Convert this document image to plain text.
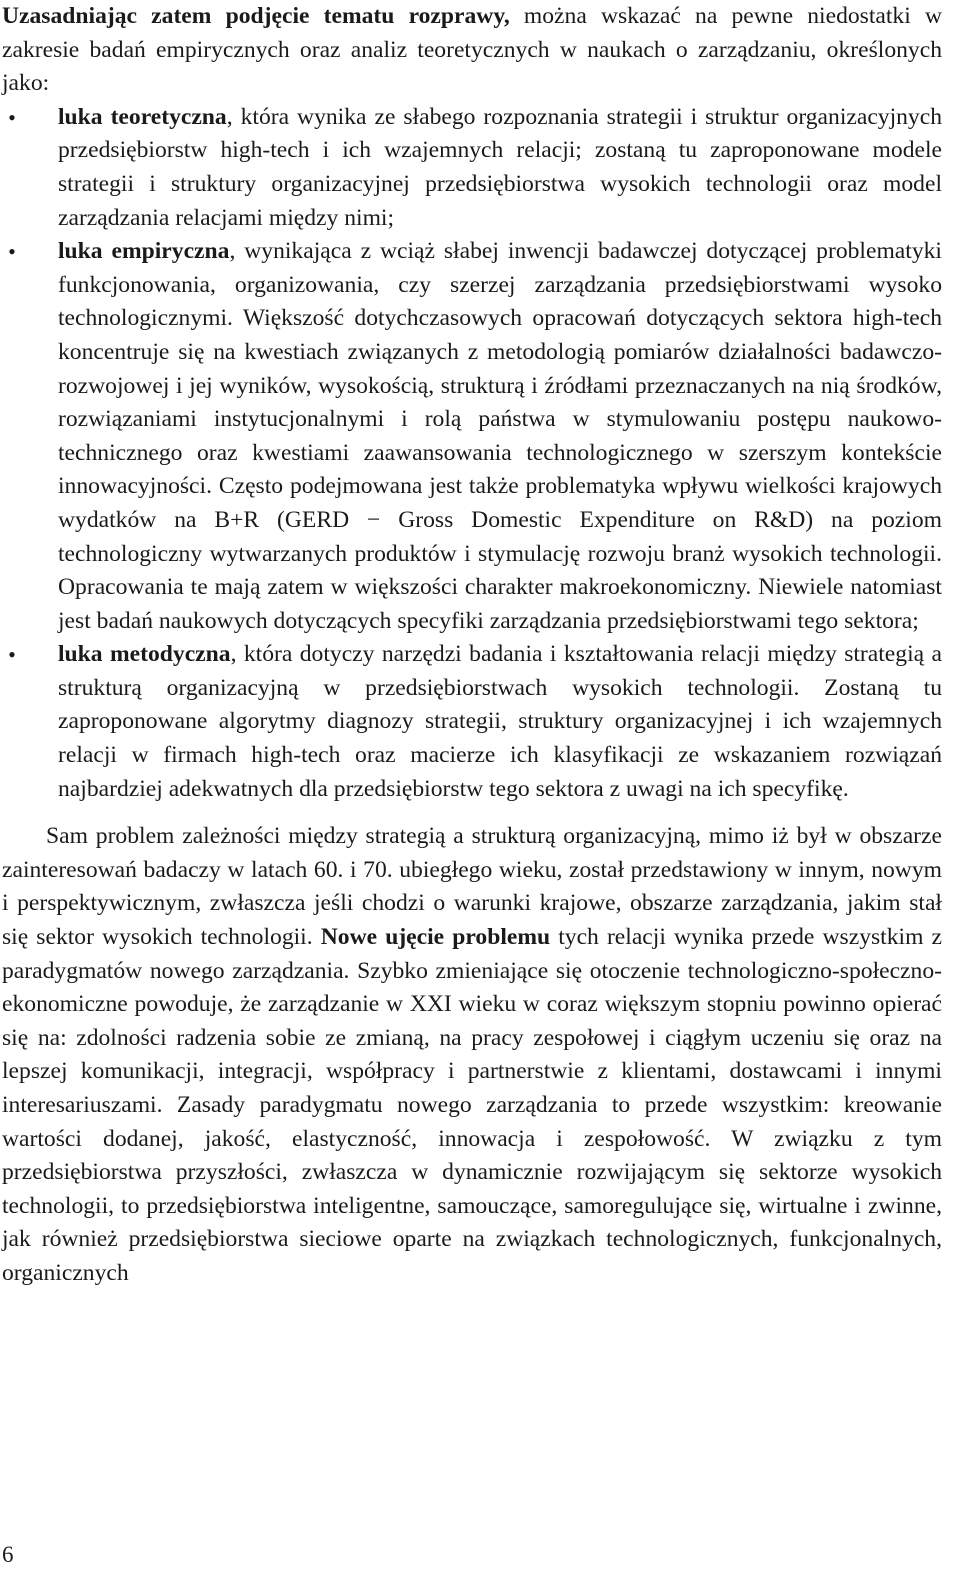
Uzasadniając zatem podjęcie tematu rozprawy, można wskazać na pewne niedostatki w zakresie badań empirycznych oraz analiz teoretycznych w naukach o zarządzaniu, określonych jako:

• luka teoretyczna, która wynika ze słabego rozpoznania strategii i struktur organizacyjnych przedsiębiorstw high-tech i ich wzajemnych relacji; zostaną tu zaproponowane modele strategii i struktury organizacyjnej przedsiębiorstwa wysokich technologii oraz model zarządzania relacjami między nimi;
• luka empiryczna, wynikająca z wciąż słabej inwencji badawczej dotyczącej problematyki funkcjonowania, organizowania, czy szerzej zarządzania przedsiębiorstwami wysoko technologicznymi. Większość dotychczasowych opracowań dotyczących sektora high-tech koncentruje się na kwestiach związanych z metodologią pomiarów działalności badawczo-rozwojowej i jej wyników, wysokością, strukturą i źródłami przeznaczanych na nią środków, rozwiązaniami instytucjonalnymi i rolą państwa w stymulowaniu postępu naukowo-technicznego oraz kwestiami zaawansowania technologicznego w szerszym kontekście innowacyjności. Często podejmowana jest także problematyka wpływu wielkości krajowych wydatków na B+R (GERD − Gross Domestic Expenditure on R&D) na poziom technologiczny wytwarzanych produktów i stymulację rozwoju branż wysokich technologii. Opracowania te mają zatem w większości charakter makroekonomiczny. Niewiele natomiast jest badań naukowych dotyczących specyfiki zarządzania przedsiębiorstwami tego sektora;
• luka metodyczna, która dotyczy narzędzi badania i kształtowania relacji między strategią a strukturą organizacyjną w przedsiębiorstwach wysokich technologii. Zostaną tu zaproponowane algorytmy diagnozy strategii, struktury organizacyjnej i ich wzajemnych relacji w firmach high-tech oraz macierze ich klasyfikacji ze wskazaniem rozwiązań najbardziej adekwatnych dla przedsiębiorstw tego sektora z uwagi na ich specyfikę.

Sam problem zależności między strategią a strukturą organizacyjną, mimo iż był w obszarze zainteresowań badaczy w latach 60. i 70. ubiegłego wieku, został przedstawiony w innym, nowym i perspektywicznym, zwłaszcza jeśli chodzi o warunki krajowe, obszarze zarządzania, jakim stał się sektor wysokich technologii. Nowe ujęcie problemu tych relacji wynika przede wszystkim z paradygmatów nowego zarządzania. Szybko zmieniające się otoczenie technologiczno-społeczno-ekonomiczne powoduje, że zarządzanie w XXI wieku w coraz większym stopniu powinno opierać się na: zdolności radzenia sobie ze zmianą, na pracy zespołowej i ciągłym uczeniu się oraz na lepszej komunikacji, integracji, współpracy i partnerstwie z klientami, dostawcami i innymi interesariuszami. Zasady paradygmatu nowego zarządzania to przede wszystkim: kreowanie wartości dodanej, jakość, elastyczność, innowacja i zespołowość. W związku z tym przedsiębiorstwa przyszłości, zwłaszcza w dynamicznie rozwijającym się sektorze wysokich technologii, to przedsiębiorstwa inteligentne, samouczące, samoregulujące się, wirtualne i zwinne, jak również przedsiębiorstwa sieciowe oparte na związkach technologicznych, funkcjonalnych, organicznych

6
